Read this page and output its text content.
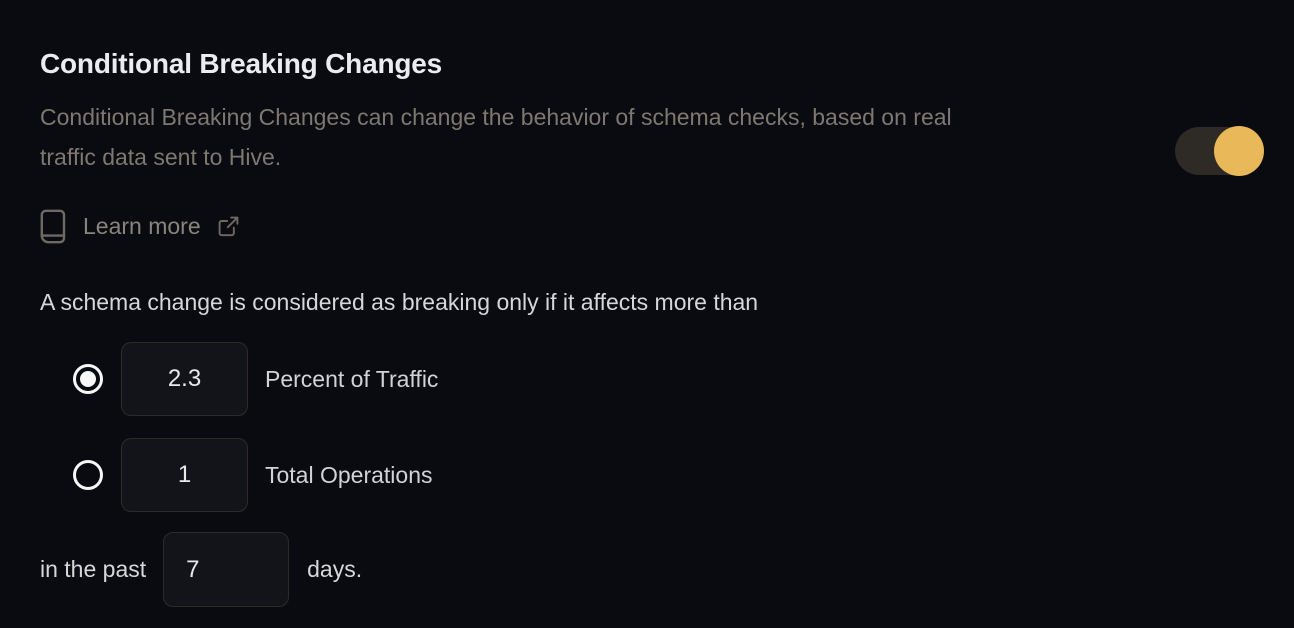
Conditional Breaking Changes
Conditional Breaking Changes can change the behavior of schema checks, based on real
traffic data sent to Hive.
Learn more

A schema change is considered as breaking only if it affects more than

2.3
Percent of Traffic
1
Total Operations
in the past
7	days.
